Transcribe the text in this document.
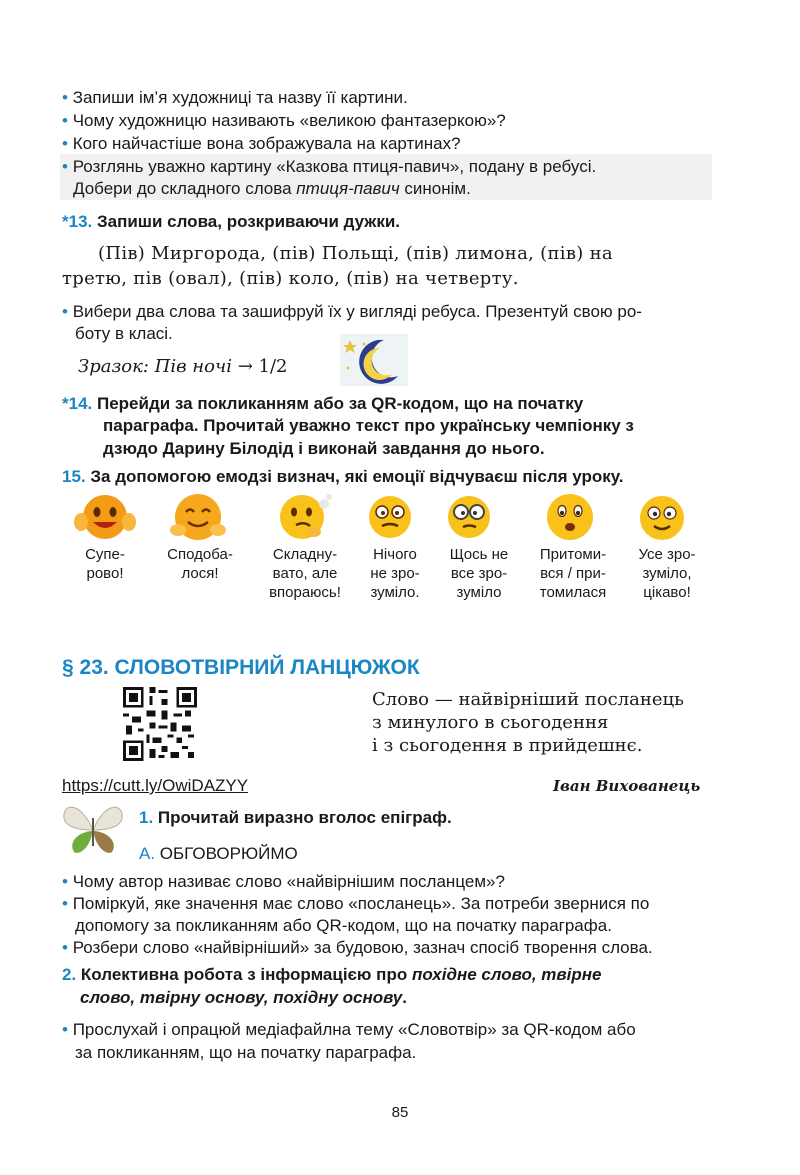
• Запиши ім’я художниці та назву її картини.
• Чому художницю називають «великою фантазеркою»?
• Кого найчастіше вона зображувала на картинах?
• Розглянь уважно картину «Казкова птиця-павич», подану в ребусі.
Добери до складного слова птиця-павич синонім.
*13. Запиши слова, розкриваючи дужки.
(Пів) Миргорода, (пів) Польщі, (пів) лимона, (пів) на
третю, пів (овал), (пів) коло, (пів) на четверту.
• Вибери два слова та зашифруй їх у вигляді ребуса. Презентуй свою ро-
боту в класі.
Зразок: Пів ночі → 1/2
*14. Перейди за покликанням або за QR-кодом, що на початку
параграфа. Прочитай уважно текст про українську чемпіонку з
дзюдо Дарину Білодід і виконай завдання до нього.
15. За допомогою емодзі визнач, які емоції відчуваєш після уроку.
Супе-
рово!
Сподоба-
лося!
Складну-
вато, але
впораюсь!
Нічого
не зро-
зуміло.
Щось не
все зро-
зуміло
Притоми-
вся / при-
томилася
Усе зро-
зуміло,
цікаво!
§ 23. СЛОВОТВІРНИЙ ЛАНЦЮЖОК
Слово — найвірніший посланець
з минулого в сьогодення
і з сьогодення в прийдешнє.
https://cutt.ly/OwiDAZYY	Іван Вихованець
1. Прочитай виразно вголос епіграф.
А. ОБГОВОРЮЙМО
• Чому автор називає слово «найвірнішим посланцем»?
• Поміркуй, яке значення має слово «посланець». За потреби звернися по
допомогу за покликанням або QR-кодом, що на початку параграфа.
• Розбери слово «найвірніший» за будовою, зазнач спосіб творення слова.
2. Колективна робота з інформацією про похідне слово, твірне
слово, твірну основу, похідну основу.
• Прослухай і опрацюй медіафайлна тему «Словотвір» за QR-кодом або
за покликанням, що на початку параграфа.
85
